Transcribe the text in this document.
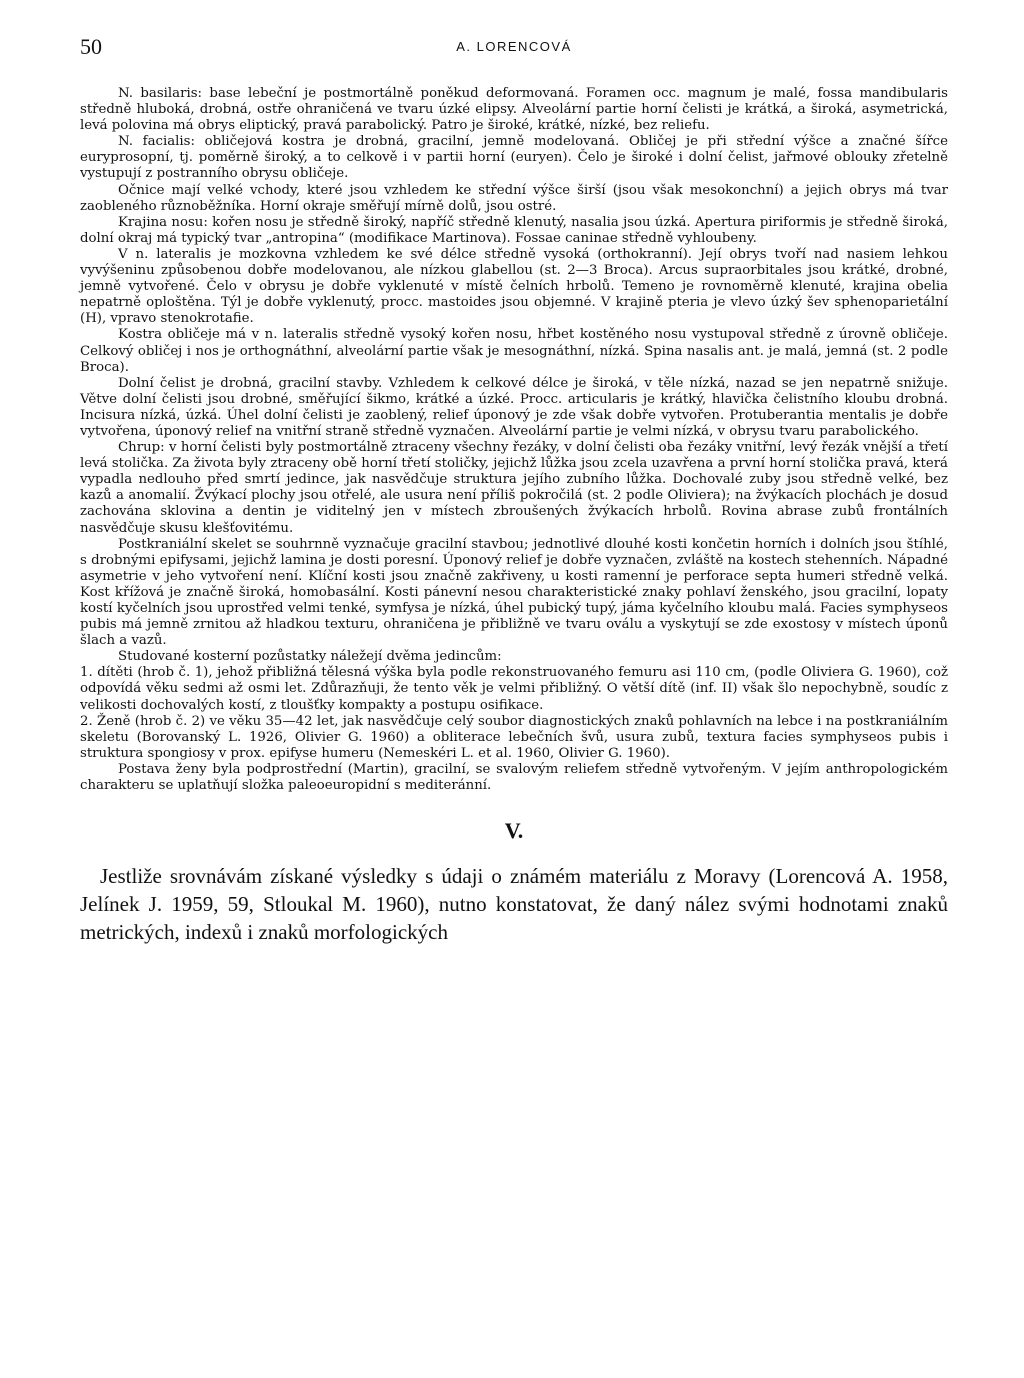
50	A. LORENCOVÁ

N. basilaris: base lebeční je postmortálně poněkud deformovaná. Foramen occ. magnum je malé, fossa mandibularis středně hluboká, drobná, ostře ohraničená ve tvaru úzké elipsy. Alveolární partie horní čelisti je krátká, a široká, asymetrická, levá polovina má obrys eliptický, pravá parabolický. Patro je široké, krátké, nízké, bez reliefu.

N. facialis: obličejová kostra je drobná, gracilní, jemně modelovaná. Obličej je při střední výšce a značné šířce euryprosopní, tj. poměrně široký, a to celkově i v partii horní (euryen). Čelo je široké i dolní čelist, jařmové oblouky zřetelně vystupují z postranního obrysu obličeje.

Očnice mají velké vchody, které jsou vzhledem ke střední výšce širší (jsou však mesokonchní) a jejich obrys má tvar zaobleného různoběžníka. Horní okraje směřují mírně dolů, jsou ostré.

Krajina nosu: kořen nosu je středně široký, napříč středně klenutý, nasalia jsou úzká. Apertura piriformis je středně široká, dolní okraj má typický tvar „antropina“ (modifikace Martinova). Fossae caninae středně vyhloubeny.

V n. lateralis je mozkovna vzhledem ke své délce středně vysoká (orthokranní). Její obrys tvoří nad nasiem lehkou vyvýšeninu způsobenou dobře modelovanou, ale nízkou glabellou (st. 2—3 Broca). Arcus supraorbitales jsou krátké, drobné, jemně vytvořené. Čelo v obrysu je dobře vyklenuté v místě čelních hrbolů. Temeno je rovnoměrně klenuté, krajina obelia nepatrně oploštěna. Týl je dobře vyklenutý, procc. mastoides jsou objemné. V krajině pteria je vlevo úzký šev sphenoparietální (H), vpravo stenokrotafie.

Kostra obličeje má v n. lateralis středně vysoký kořen nosu, hřbet kostěného nosu vystupoval středně z úrovně obličeje. Celkový obličej i nos je orthognáthní, alveolární partie však je mesognáthní, nízká. Spina nasalis ant. je malá, jemná (st. 2 podle Broca).

Dolní čelist je drobná, gracilní stavby. Vzhledem k celkové délce je široká, v těle nízká, nazad se jen nepatrně snižuje. Větve dolní čelisti jsou drobné, směřující šikmo, krátké a úzké. Procc. articularis je krátký, hlavička čelistního kloubu drobná. Incisura nízká, úzká. Úhel dolní čelisti je zaoblený, relief úponový je zde však dobře vytvořen. Protuberantia mentalis je dobře vytvořena, úponový relief na vnitřní straně středně vyznačen. Alveolární partie je velmi nízká, v obrysu tvaru parabolického.

Chrup: v horní čelisti byly postmortálně ztraceny všechny řezáky, v dolní čelisti oba řezáky vnitřní, levý řezák vnější a třetí levá stolička. Za života byly ztraceny obě horní třetí stoličky, jejichž lůžka jsou zcela uzavřena a první horní stolička pravá, která vypadla nedlouho před smrtí jedince, jak nasvědčuje struktura jejího zubního lůžka. Dochovalé zuby jsou středně velké, bez kazů a anomalií. Žvýkací plochy jsou otřelé, ale usura není příliš pokročilá (st. 2 podle Oliviera); na žvýkacích plochách je dosud zachována sklovina a dentin je viditelný jen v místech zbroušených žvýkacích hrbolů. Rovina abrase zubů frontálních nasvědčuje skusu klešťovitému.

Postkraniální skelet se souhrnně vyznačuje gracilní stavbou; jednotlivé dlouhé kosti končetin horních i dolních jsou štíhlé, s drobnými epifysami, jejichž lamina je dosti poresní. Úponový relief je dobře vyznačen, zvláště na kostech stehenních. Nápadné asymetrie v jeho vytvoření není. Klíční kosti jsou značně zakřiveny, u kosti ramenní je perforace septa humeri středně velká. Kost křížová je značně široká, homobasální. Kosti pánevní nesou charakteristické znaky pohlaví ženského, jsou gracilní, lopaty kostí kyčelních jsou uprostřed velmi tenké, symfysa je nízká, úhel pubický tupý, jáma kyčelního kloubu malá. Facies symphyseos pubis má jemně zrnitou až hladkou texturu, ohraničena je přibližně ve tvaru oválu a vyskytují se zde exostosy v místech úponů šlach a vazů.

Studované kosterní pozůstatky náležejí dvěma jedincům:

1. dítěti (hrob č. 1), jehož přibližná tělesná výška byla podle rekonstruovaného femuru asi 110 cm, (podle Oliviera G. 1960), což odpovídá věku sedmi až osmi let. Zdůrazňuji, že tento věk je velmi přibližný. O větší dítě (inf. II) však šlo nepochybně, soudíc z velikosti dochovalých kostí, z tloušťky kompakty a postupu osifikace.

2. Ženě (hrob č. 2) ve věku 35—42 let, jak nasvědčuje celý soubor diagnostických znaků pohlavních na lebce i na postkraniálním skeletu (Borovanský L. 1926, Olivier G. 1960) a obliterace lebečních švů, usura zubů, textura facies symphyseos pubis i struktura spongiosy v prox. epifyse humeru (Nemeskéri L. et al. 1960, Olivier G. 1960).

Postava ženy byla podprostřední (Martin), gracilní, se svalovým reliefem středně vytvořeným. V jejím anthropologickém charakteru se uplatňují složka paleoeuropidní s mediteránní.

V.

Jestliže srovnávám získané výsledky s údaji o známém materiálu z Moravy (Lorencová A. 1958, Jelínek J. 1959, 59, Stloukal M. 1960), nutno konstatovat, že daný nález svými hodnotami znaků metrických, indexů i znaků morfologických
